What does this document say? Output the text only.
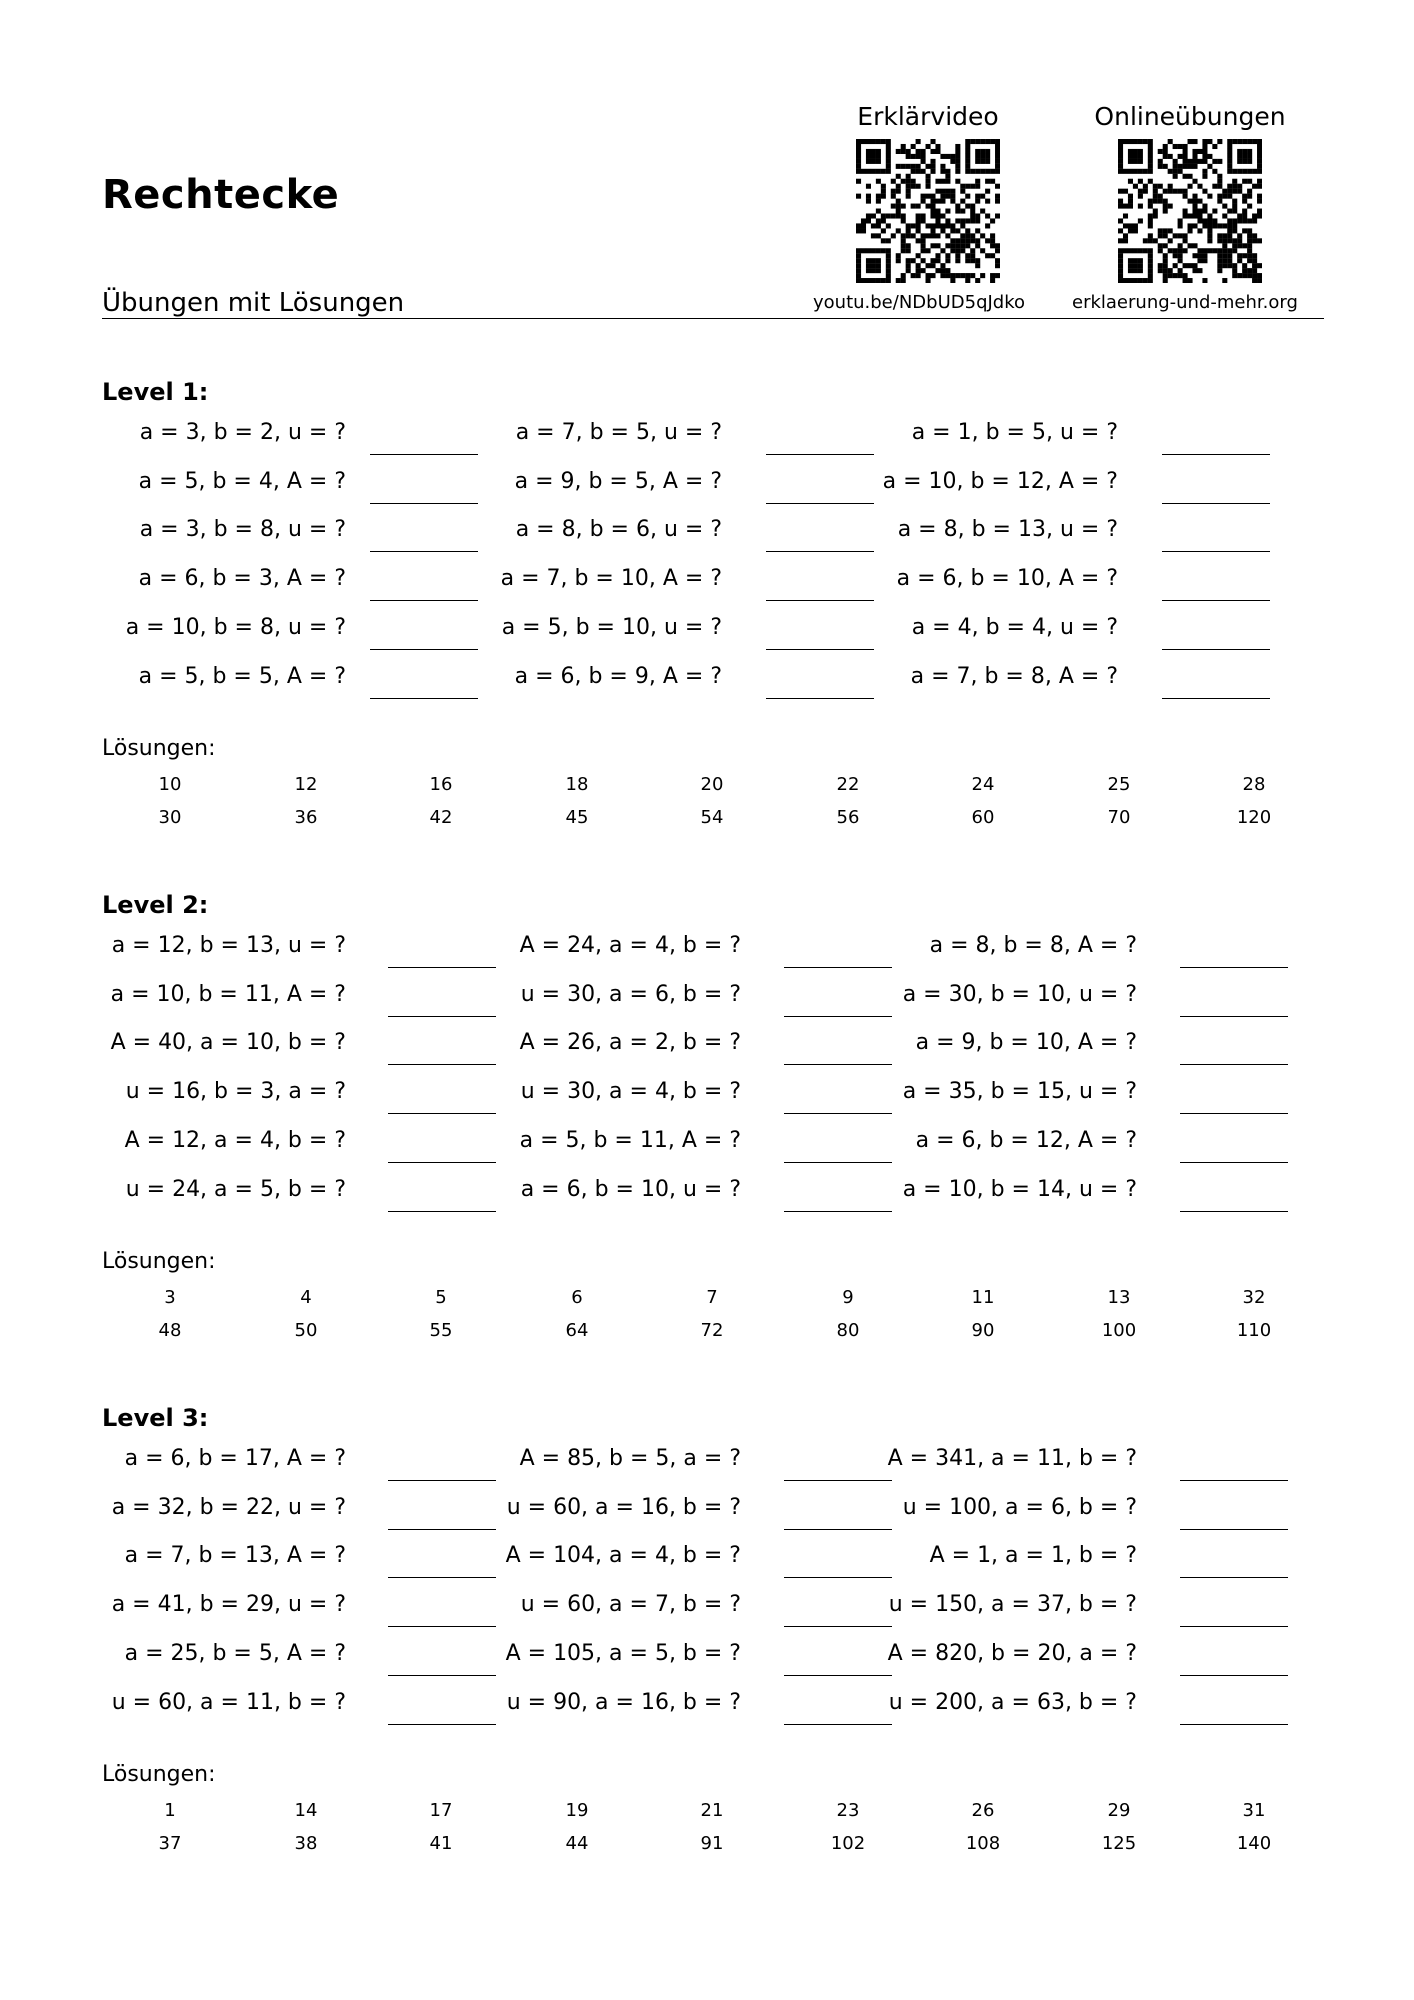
Rechtecke
Übungen mit Lösungen
Erklärvideo
youtu.be/NDbUD5qJdko
Onlineübungen
erklaerung-und-mehr.org
Level 1:
a = 3, b = 2, u = ?	a = 7, b = 5, u = ?	a = 1, b = 5, u = ?
a = 5, b = 4, A = ?	a = 9, b = 5, A = ?	a = 10, b = 12, A = ?
a = 3, b = 8, u = ?	a = 8, b = 6, u = ?	a = 8, b = 13, u = ?
a = 6, b = 3, A = ?	a = 7, b = 10, A = ?	a = 6, b = 10, A = ?
a = 10, b = 8, u = ?	a = 5, b = 10, u = ?	a = 4, b = 4, u = ?
a = 5, b = 5, A = ?	a = 6, b = 9, A = ?	a = 7, b = 8, A = ?
Lösungen:
10	12	16	18	20	22	24	25	28
30	36	42	45	54	56	60	70	120
Level 2:
a = 12, b = 13, u = ?	A = 24, a = 4, b = ?	a = 8, b = 8, A = ?
a = 10, b = 11, A = ?	u = 30, a = 6, b = ?	a = 30, b = 10, u = ?
A = 40, a = 10, b = ?	A = 26, a = 2, b = ?	a = 9, b = 10, A = ?
u = 16, b = 3, a = ?	u = 30, a = 4, b = ?	a = 35, b = 15, u = ?
A = 12, a = 4, b = ?	a = 5, b = 11, A = ?	a = 6, b = 12, A = ?
u = 24, a = 5, b = ?	a = 6, b = 10, u = ?	a = 10, b = 14, u = ?
Lösungen:
3	4	5	6	7	9	11	13	32
48	50	55	64	72	80	90	100	110
Level 3:
a = 6, b = 17, A = ?	A = 85, b = 5, a = ?	A = 341, a = 11, b = ?
a = 32, b = 22, u = ?	u = 60, a = 16, b = ?	u = 100, a = 6, b = ?
a = 7, b = 13, A = ?	A = 104, a = 4, b = ?	A = 1, a = 1, b = ?
a = 41, b = 29, u = ?	u = 60, a = 7, b = ?	u = 150, a = 37, b = ?
a = 25, b = 5, A = ?	A = 105, a = 5, b = ?	A = 820, b = 20, a = ?
u = 60, a = 11, b = ?	u = 90, a = 16, b = ?	u = 200, a = 63, b = ?
Lösungen:
1	14	17	19	21	23	26	29	31
37	38	41	44	91	102	108	125	140
